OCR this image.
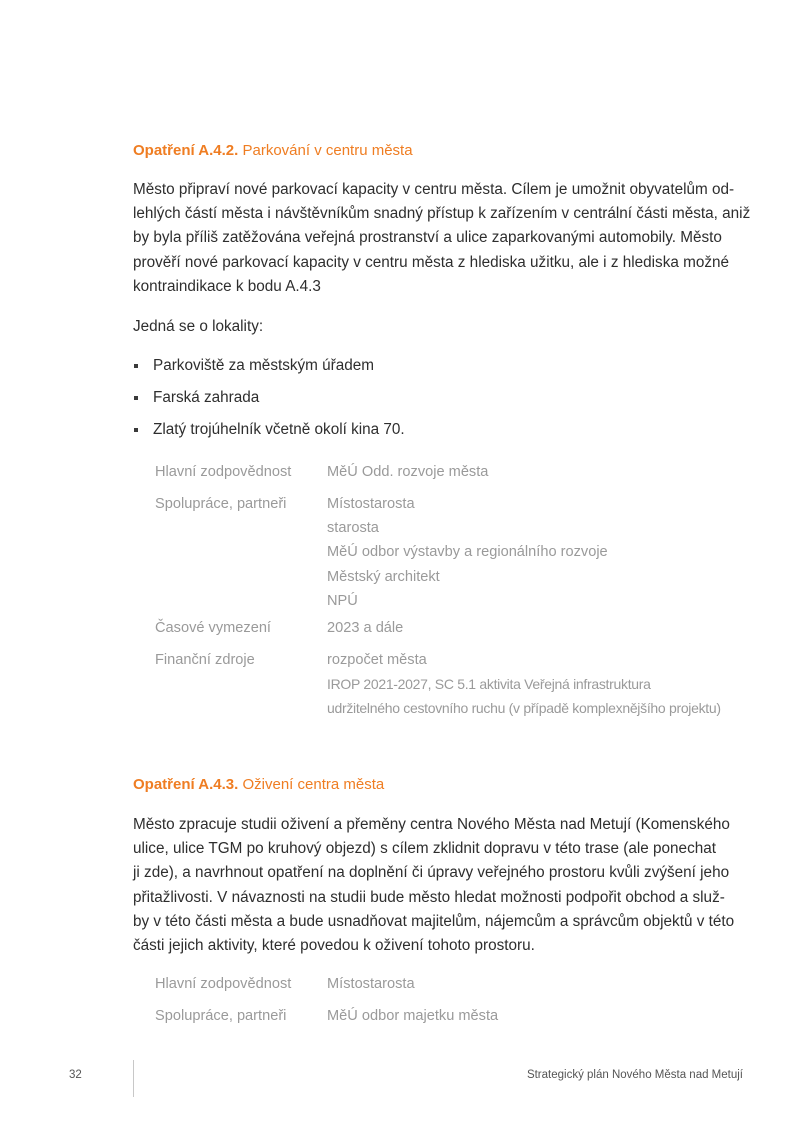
Opatření A.4.2. Parkování v centru města
Město připraví nové parkovací kapacity v centru města. Cílem je umožnit obyvatelům od-
lehlých částí města i návštěvníkům snadný přístup k zařízením v centrální části města, aniž
by byla příliš zatěžována veřejná prostranství a ulice zaparkovanými automobily. Město
prověří nové parkovací kapacity v centru města z hlediska užitku, ale i z hlediska možné
kontraindikace k bodu A.4.3
Jedná se o lokality:
Parkoviště za městským úřadem
Farská zahrada
Zlatý trojúhelník včetně okolí kina 70.
Hlavní zodpovědnost	MěÚ Odd. rozvoje města
Spolupráce, partneři	Místostarosta
starosta
MěÚ odbor výstavby a regionálního rozvoje
Městský architekt
NPÚ
Časové vymezení	2023 a dále
Finanční zdroje	rozpočet města
IROP 2021-2027, SC 5.1 aktivita Veřejná infrastruktura
udržitelného cestovního ruchu (v případě komplexnějšího projektu)
Opatření A.4.3. Oživení centra města
Město zpracuje studii oživení a přeměny centra Nového Města nad Metují (Komenského
ulice, ulice TGM po kruhový objezd) s cílem zklidnit dopravu v této trase (ale ponechat
ji zde), a navrhnout opatření na doplnění či úpravy veřejného prostoru kvůli zvýšení jeho
přitažlivosti. V návaznosti na studii bude město hledat možnosti podpořit obchod a služ-
by v této části města a bude usnadňovat majitelům, nájemcům a správcům objektů v této
části jejich aktivity, které povedou k oživení tohoto prostoru.
Hlavní zodpovědnost	Místostarosta
Spolupráce, partneři	MěÚ odbor majetku města
32	Strategický plán Nového Města nad Metují
